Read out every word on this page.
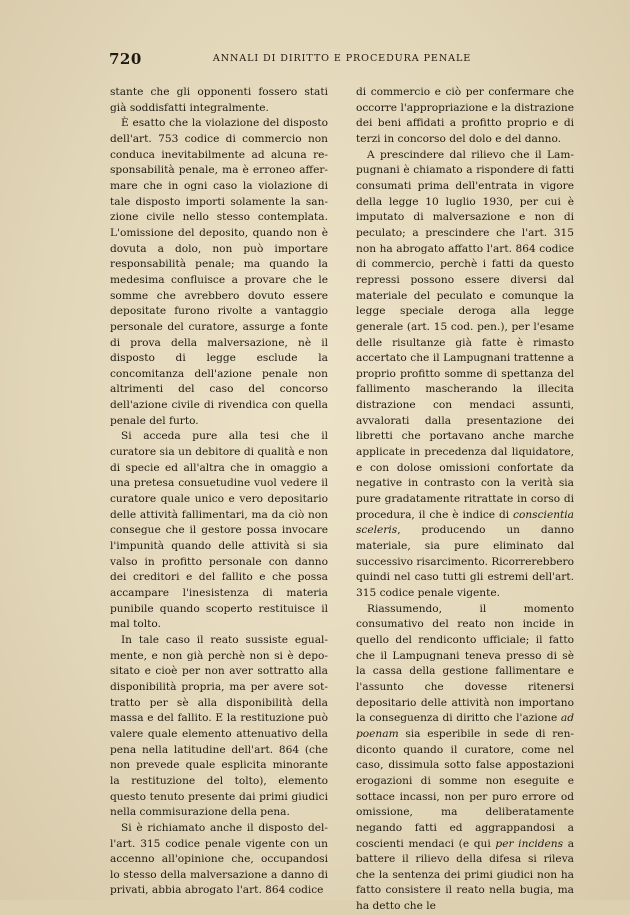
720	ANNALI DI DIRITTO E PROCEDURA PENALE

stante che gli opponenti fossero stati già soddisfatti integralmente.

È esatto che la violazione del disposto dell'art. 753 codice di commercio non conduca inevitabilmente ad alcuna responsabilità penale, ma è erroneo affermare che in ogni caso la violazione di tale disposto importi solamente la sanzione civile nello stesso contemplata. L'omissione del deposito, quando non è dovuta a dolo, non può importare responsabilità penale; ma quando la medesima confluisce a provare che le somme che avrebbero dovuto essere depositate furono rivolte a vantaggio personale del curatore, assurge a fonte di prova della malversazione, nè il disposto di legge esclude la concomitanza dell'azione penale non altrimenti del caso del concorso dell'azione civile di rivendica con quella penale del furto.

Si acceda pure alla tesi che il curatore sia un debitore di qualità e non di specie ed all'altra che in omaggio a una pretesa consuetudine vuol vedere il curatore quale unico e vero depositario delle attività fallimentari, ma da ciò non consegue che il gestore possa invocare l'impunità quando delle attività si sia valso in profitto personale con danno dei creditori e del fallito e che possa accampare l'inesistenza di materia punibile quando scoperto restituisce il mal tolto.

In tale caso il reato sussiste egualmente, e non già perchè non si è depositato e cioè per non aver sottratto alla disponibilità propria, ma per avere sottratto per sè alla disponibilità della massa e del fallito. E la restituzione può valere quale elemento attenuativo della pena nella latitudine dell'art. 864 (che non prevede quale esplicita minorante la restituzione del tolto), elemento questo tenuto presente dai primi giudici nella commisurazione della pena.

Si è richiamato anche il disposto dell'art. 315 codice penale vigente con un accenno all'opinione che, occupandosi lo stesso della malversazione a danno di privati, abbia abrogato l'art. 864 codice

di commercio e ciò per confermare che occorre l'appropriazione e la distrazione dei beni affidati a profitto proprio e di terzi in concorso del dolo e del danno.

A prescindere dal rilievo che il Lampugnani è chiamato a rispondere di fatti consumati prima dell'entrata in vigore della legge 10 luglio 1930, per cui è imputato di malversazione e non di peculato; a prescindere che l'art. 315 non ha abrogato affatto l'art. 864 codice di commercio, perchè i fatti da questo repressi possono essere diversi dal materiale del peculato e comunque la legge speciale deroga alla legge generale (art. 15 cod. pen.), per l'esame delle risultanze già fatte è rimasto accertato che il Lampugnani trattenne a proprio profitto somme di spettanza del fallimento mascherando la illecita distrazione con mendaci assunti, avvalorati dalla presentazione dei libretti che portavano anche marche applicate in precedenza dal liquidatore, e con dolose omissioni confortate da negative in contrasto con la verità sia pure gradatamente ritrattate in corso di procedura, il che è indice di conscientia sceleris, producendo un danno materiale, sia pure eliminato dal successivo risarcimento. Ricorrerebbero quindi nel caso tutti gli estremi dell'art. 315 codice penale vigente.

Riassumendo, il momento consumativo del reato non incide in quello del rendiconto ufficiale; il fatto che il Lampugnani teneva presso di sè la cassa della gestione fallimentare e l'assunto che dovesse ritenersi depositario delle attività non importano la conseguenza di diritto che l'azione ad poenam sia esperibile in sede di rendiconto quando il curatore, come nel caso, dissimula sotto false appostazioni erogazioni di somme non eseguite e sottace incassi, non per puro errore od omissione, ma deliberatamente negando fatti ed aggrappandosi a coscienti mendaci (e qui per incidens a battere il rilievo della difesa si rileva che la sentenza dei primi giudici non ha fatto consistere il reato nella bugia, ma ha detto che le
